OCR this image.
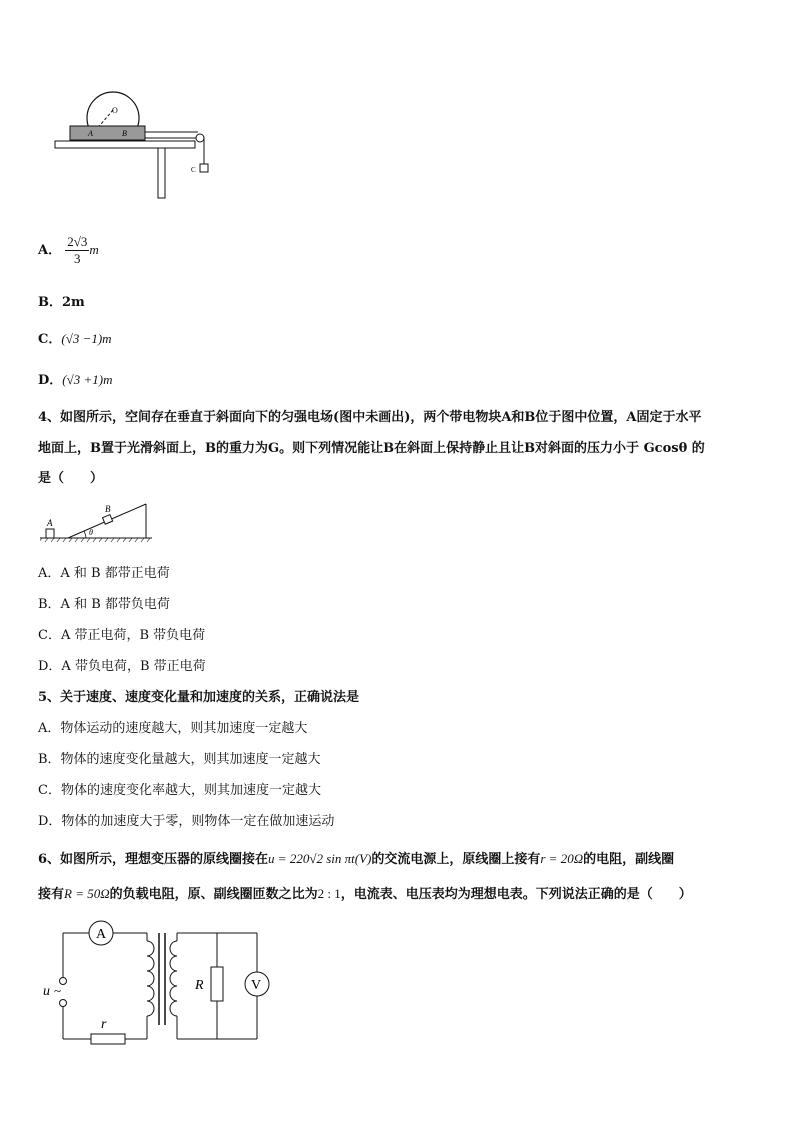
O
A	B
C
A． $\frac{2√3}{3}$ m
B．2m
C．(√3 −1)m
D．(√3 +1)m
4、如图所示，空间存在垂直于斜面向下的匀强电场(图中未画出)，两个带电物块A和B位于图中位置，A固定于水平
地面上，B置于光滑斜面上，B的重力为G。则下列情况能让B在斜面上保持静止且让B对斜面的压力小于 Gcosθ 的
是（　　）
A
B
θ
A．A 和 B 都带正电荷
B．A 和 B 都带负电荷
C．A 带正电荷，B 带负电荷
D．A 带负电荷，B 带正电荷
5、关于速度、速度变化量和加速度的关系，正确说法是
A．物体运动的速度越大，则其加速度一定越大
B．物体的速度变化量越大，则其加速度一定越大
C．物体的速度变化率越大，则其加速度一定越大
D．物体的加速度大于零，则物体一定在做加速运动
6、如图所示，理想变压器的原线圈接在u = 220√2 sin πt(V)的交流电源上，原线圈上接有r = 20Ω的电阻，副线圈
接有R = 50Ω的负载电阻，原、副线圈匝数之比为2 : 1，电流表、电压表均为理想电表。下列说法正确的是（　　）
A
V
u ~
r
R
